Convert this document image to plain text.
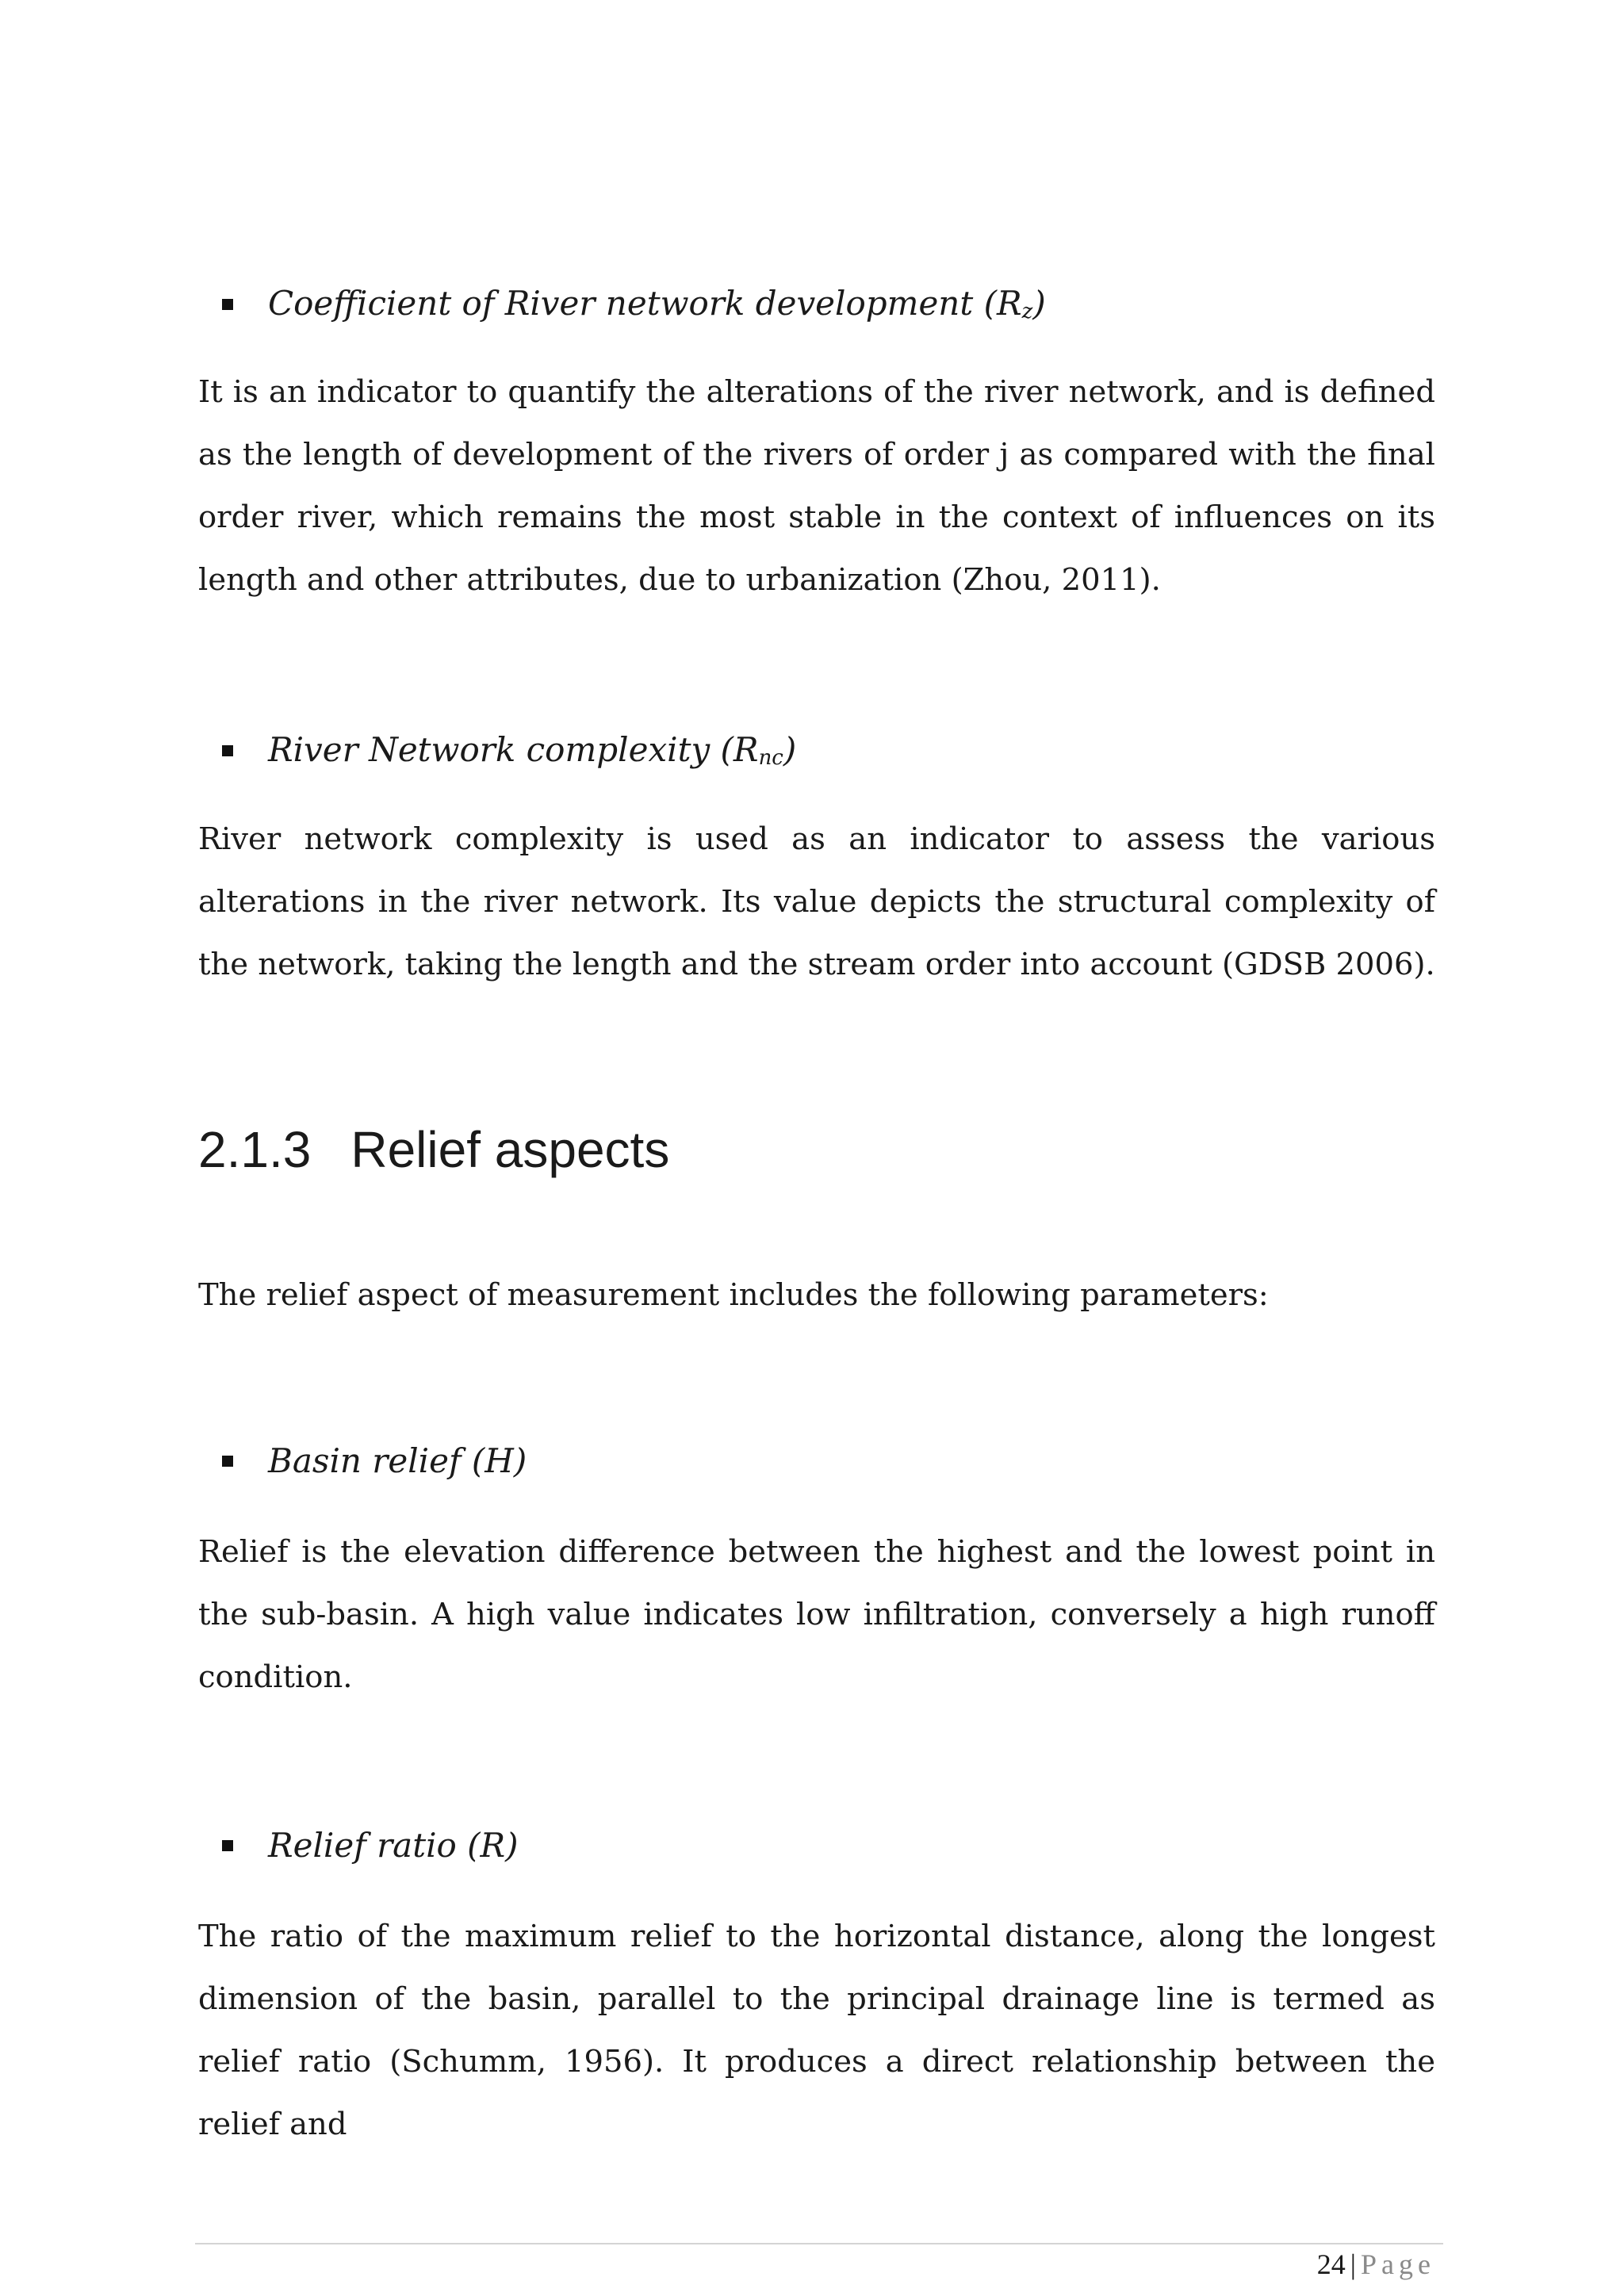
Coefficient of River network development $(R_z)$

It is an indicator to quantify the alterations of the river network, and is defined as the length of development of the rivers of order j as compared with the final order river, which remains the most stable in the context of influences on its length and other attributes, due to urbanization (Zhou, 2011).

River Network complexity $(R_{nc})$

River network complexity is used as an indicator to assess the various alterations in the river network. Its value depicts the structural complexity of the network, taking the length and the stream order into account (GDSB 2006).

2.1.3 Relief aspects

The relief aspect of measurement includes the following parameters:

Basin relief (H)

Relief is the elevation difference between the highest and the lowest point in the sub-basin. A high value indicates low infiltration, conversely a high runoff condition.

Relief ratio (R)

The ratio of the maximum relief to the horizontal distance, along the longest dimension of the basin, parallel to the principal drainage line is termed as relief ratio (Schumm, 1956). It produces a direct relationship between the relief and

24 | Page
